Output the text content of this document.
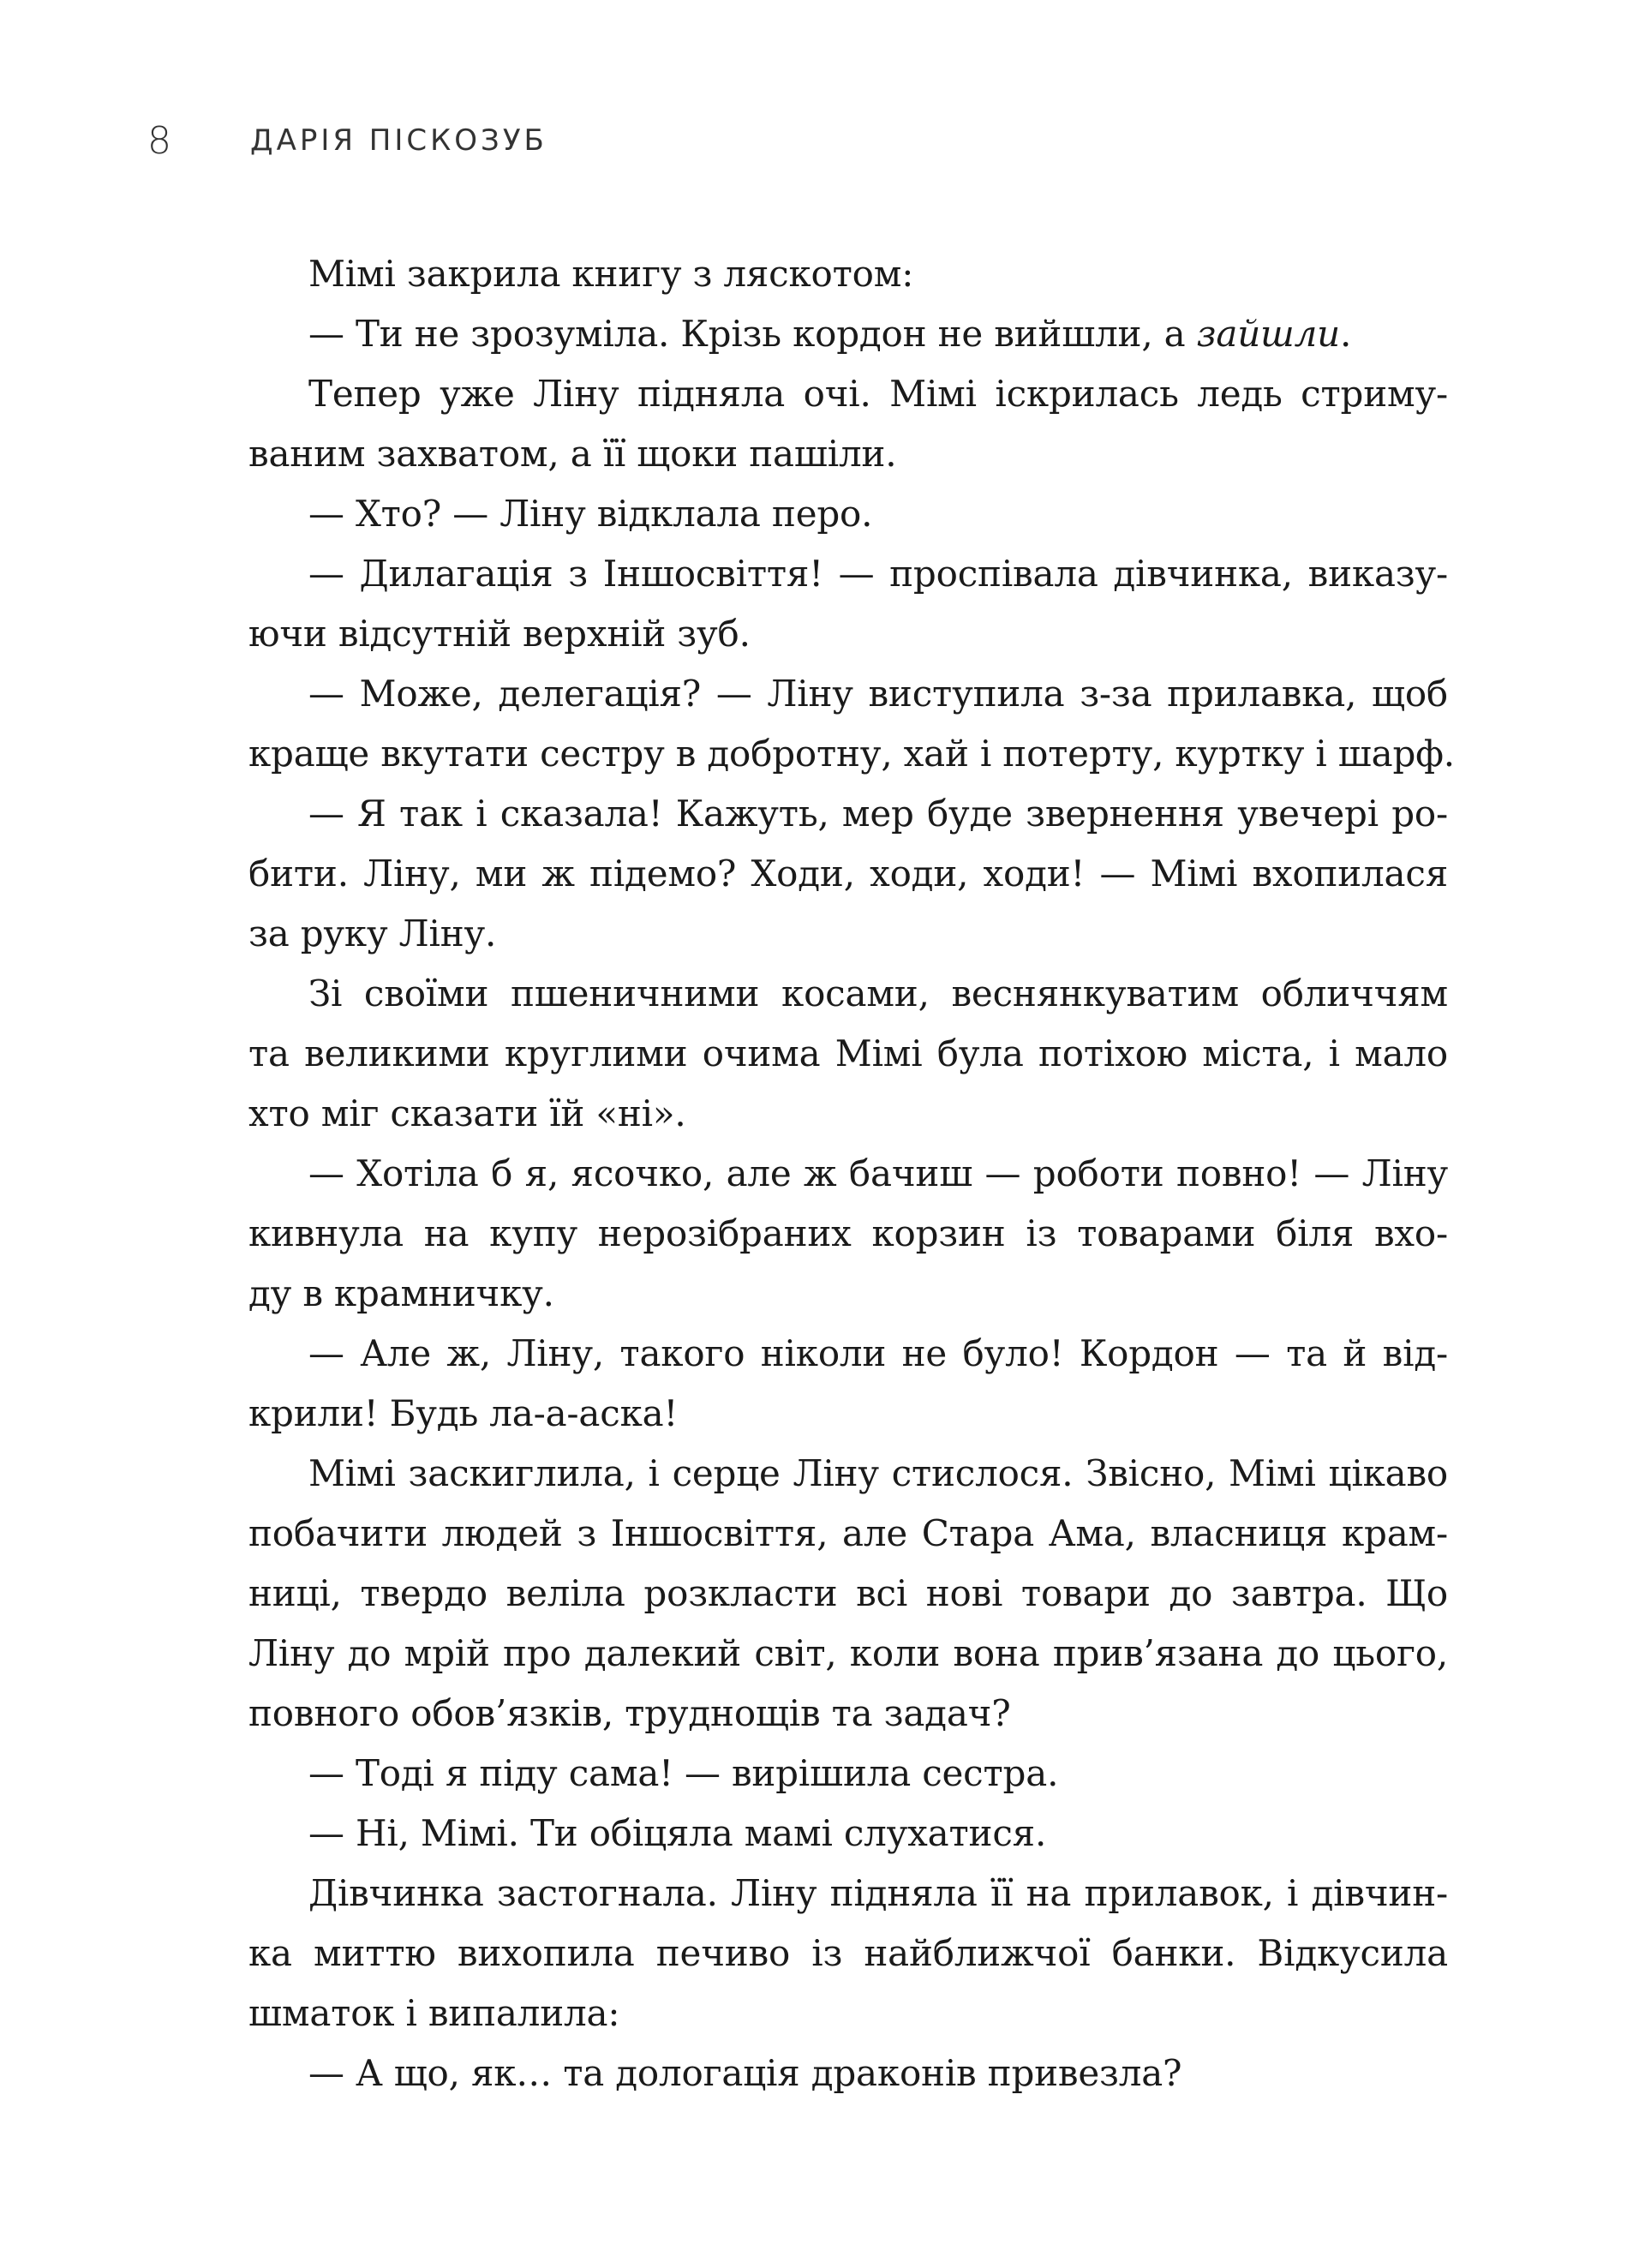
8	ДАРІЯ ПІСКОЗУБ
Мімі закрила книгу з ляскотом:
— Ти не зрозуміла. Крізь кордон не вийшли, а зайшли.
Тепер уже Ліну підняла очі. Мімі іскрилась ледь стриму-
ваним захватом, а її щоки пашіли.
— Хто? — Ліну відклала перо.
— Дилагація з Іншосвіття! — проспівала дівчинка, виказу-
ючи відсутній верхній зуб.
— Може, делегація? — Ліну виступила з-за прилавка, щоб
краще вкутати сестру в добротну, хай і потерту, куртку і шарф.
— Я так і сказала! Кажуть, мер буде звернення увечері ро-
бити. Ліну, ми ж підемо? Ходи, ходи, ходи! — Мімі вхопилася
за руку Ліну.
Зі своїми пшеничними косами, веснянкуватим обличчям
та великими круглими очима Мімі була потіхою міста, і мало
хто міг сказати їй «ні».
— Хотіла б я, ясочко, але ж бачиш — роботи повно! — Ліну
кивнула на купу нерозібраних корзин із товарами біля вхо-
ду в крамничку.
— Але ж, Ліну, такого ніколи не було! Кордон — та й від-
крили! Будь ла-а-аска!
Мімі заскиглила, і серце Ліну стислося. Звісно, Мімі цікаво
побачити людей з Іншосвіття, але Стара Ама, власниця крам-
ниці, твердо веліла розкласти всі нові товари до завтра. Що
Ліну до мрій про далекий світ, коли вона прив’язана до цього,
повного обов’язків, труднощів та задач?
— Тоді я піду сама! — вирішила сестра.
— Ні, Мімі. Ти обіцяла мамі слухатися.
Дівчинка застогнала. Ліну підняла її на прилавок, і дівчин-
ка миттю вихопила печиво із найближчої банки. Відкусила
шматок і випалила:
— А що, як… та дологація драконів привезла?
